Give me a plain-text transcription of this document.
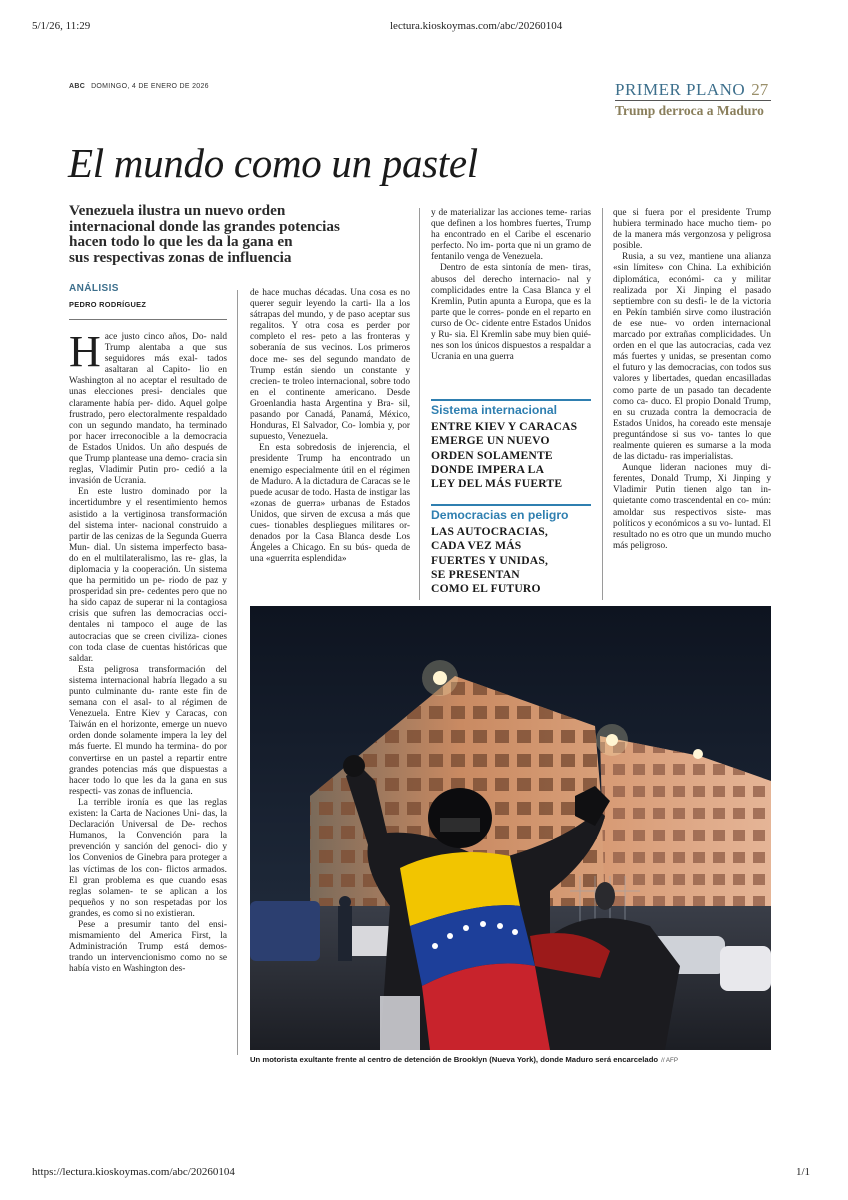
5/1/26, 11:29	lectura.kioskoymas.com/abc/20260104
https://lectura.kioskoymas.com/abc/20260104	1/1
ABC DOMINGO, 4 DE ENERO DE 2026	PRIMER PLANO 27
Trump derroca a Maduro
El mundo como un pastel
Venezuela ilustra un nuevo orden
internacional donde las grandes potencias
hacen todo lo que les da la gana en
sus respectivas zonas de influencia
ANÁLISIS
PEDRO RODRÍGUEZ
H ace justo cinco años, Do- nald Trump alentaba a que sus seguidores más exal- tados asaltaran al Capito- lio en Washington al no aceptar el resultado de unas elecciones presi- denciales que claramente había per- dido. Aquel golpe frustrado, pero electoralmente respaldado con un segundo mandato, ha terminado por hacer irreconocible a la democracia de Estados Unidos. Un año después de que Trump plantease una demo- cracia sin reglas, Vladimir Putin pro- cedió a la invasión de Ucrania.

En este lustro dominado por la incertidumbre y el resentimiento hemos asistido a la vertiginosa transformación del sistema inter- nacional construido a partir de las cenizas de la Segunda Guerra Mun- dial. Un sistema imperfecto basa- do en el multilateralismo, las re- glas, la diplomacia y la cooperación. Un sistema que ha permitido un pe- riodo de paz y prosperidad sin pre- cedentes pero que no ha sido capaz de superar ni la contagiosa crisis que sufren las democracias occi- dentales ni tampoco el auge de las autocracias que se creen civiliza- ciones con toda clase de cuentas históricas que saldar.

Esta peligrosa transformación del sistema internacional habría llegado a su punto culminante du- rante este fin de semana con el asal- to al régimen de Venezuela. Entre Kiev y Caracas, con Taiwán en el horizonte, emerge un nuevo orden donde solamente impera la ley del más fuerte. El mundo ha termina- do por convertirse en un pastel a repartir entre grandes potencias más que dispuestas a hacer todo lo que les da la gana en sus respecti- vas zonas de influencia.

La terrible ironía es que las reglas existen: la Carta de Naciones Uni- das, la Declaración Universal de De- rechos Humanos, la Convención para la prevención y sanción del genoci- dio y los Convenios de Ginebra para proteger a las víctimas de los con- flictos armados. El gran problema es que cuando esas reglas solamen- te se aplican a los pequeños y no son respetadas por los grandes, es como si no existieran.

Pese a presumir tanto del ensi- mismamiento del America First, la Administración Trump está demos- trando un intervencionismo como no se había visto en Washington des-

de hace muchas décadas. Una cosa es no querer seguir leyendo la carti- lla a los sátrapas del mundo, y de paso aceptar sus regalitos. Y otra cosa es perder por completo el res- peto a las fronteras y soberanía de sus vecinos. Los primeros doce me- ses del segundo mandato de Trump están siendo un constante y crecien- te troleo internacional, sobre todo en el continente americano. Desde Groenlandia hasta Argentina y Bra- sil, pasando por Canadá, Panamá, México, Honduras, El Salvador, Co- lombia y, por supuesto, Venezuela.

En esta sobredosis de injerencia, el presidente Trump ha encontrado un enemigo especialmente útil en el régimen de Maduro. A la dictadura de Caracas se le puede acusar de todo. Hasta de instigar las «zonas de guerra» urbanas de Estados Unidos, que sirven de excusa a más que cues- tionables despliegues militares or- denados por la Casa Blanca desde Los Ángeles a Chicago. En su bús- queda de una «guerrita esplendida»

y de materializar las acciones teme- rarias que definen a los hombres fuertes, Trump ha encontrado en el Caribe el escenario perfecto. No im- porta que ni un gramo de fentanilo venga de Venezuela.

Dentro de esta sintonía de men- tiras, abusos del derecho internacio- nal y complicidades entre la Casa Blanca y el Kremlin, Putin apunta a Europa, que es la parte que le corres- ponde en el reparto en curso de Oc- cidente entre Estados Unidos y Ru- sia. El Kremlin sabe muy bien quié- nes son los únicos dispuestos a respaldar a Ucrania en una guerra

Sistema internacional
ENTRE KIEV Y CARACAS
EMERGE UN NUEVO
ORDEN SOLAMENTE
DONDE IMPERA LA
LEY DEL MÁS FUERTE
Democracias en peligro
LAS AUTOCRACIAS,
CADA VEZ MÁS
FUERTES Y UNIDAS,
SE PRESENTAN
COMO EL FUTURO

que si fuera por el presidente Trump hubiera terminado hace mucho tiem- po de la manera más vergonzosa y peligrosa posible.

Rusia, a su vez, mantiene una alianza «sin límites» con China. La exhibición diplomática, económi- ca y militar realizada por Xi Jinping el pasado septiembre con su desfi- le de la victoria en Pekín también sirve como ilustración de ese nue- vo orden internacional marcado por extrañas complicidades. Un orden en el que las autocracias, cada vez más fuertes y unidas, se presentan como el futuro y las democracias, con todos sus valores y libertades, quedan encasilladas como parte de un pasado tan decadente como ca- duco. El propio Donald Trump, en su cruzada contra la democracia de Estados Unidos, ha coreado este mensaje preguntándose si sus vo- tantes lo que realmente quieren es sumarse a la moda de las dictadu- ras imperialistas.

Aunque lideran naciones muy di- ferentes, Donald Trump, Xi Jinping y Vladimir Putin tienen algo tan in- quietante como trascendental en co- mún: amoldar sus respectivos siste- mas políticos y económicos a su vo- luntad. El resultado no es otro que un mundo mucho más peligroso.

Un motorista exultante frente al centro de detención de Brooklyn (Nueva York), donde Maduro será encarcelado // AFP
